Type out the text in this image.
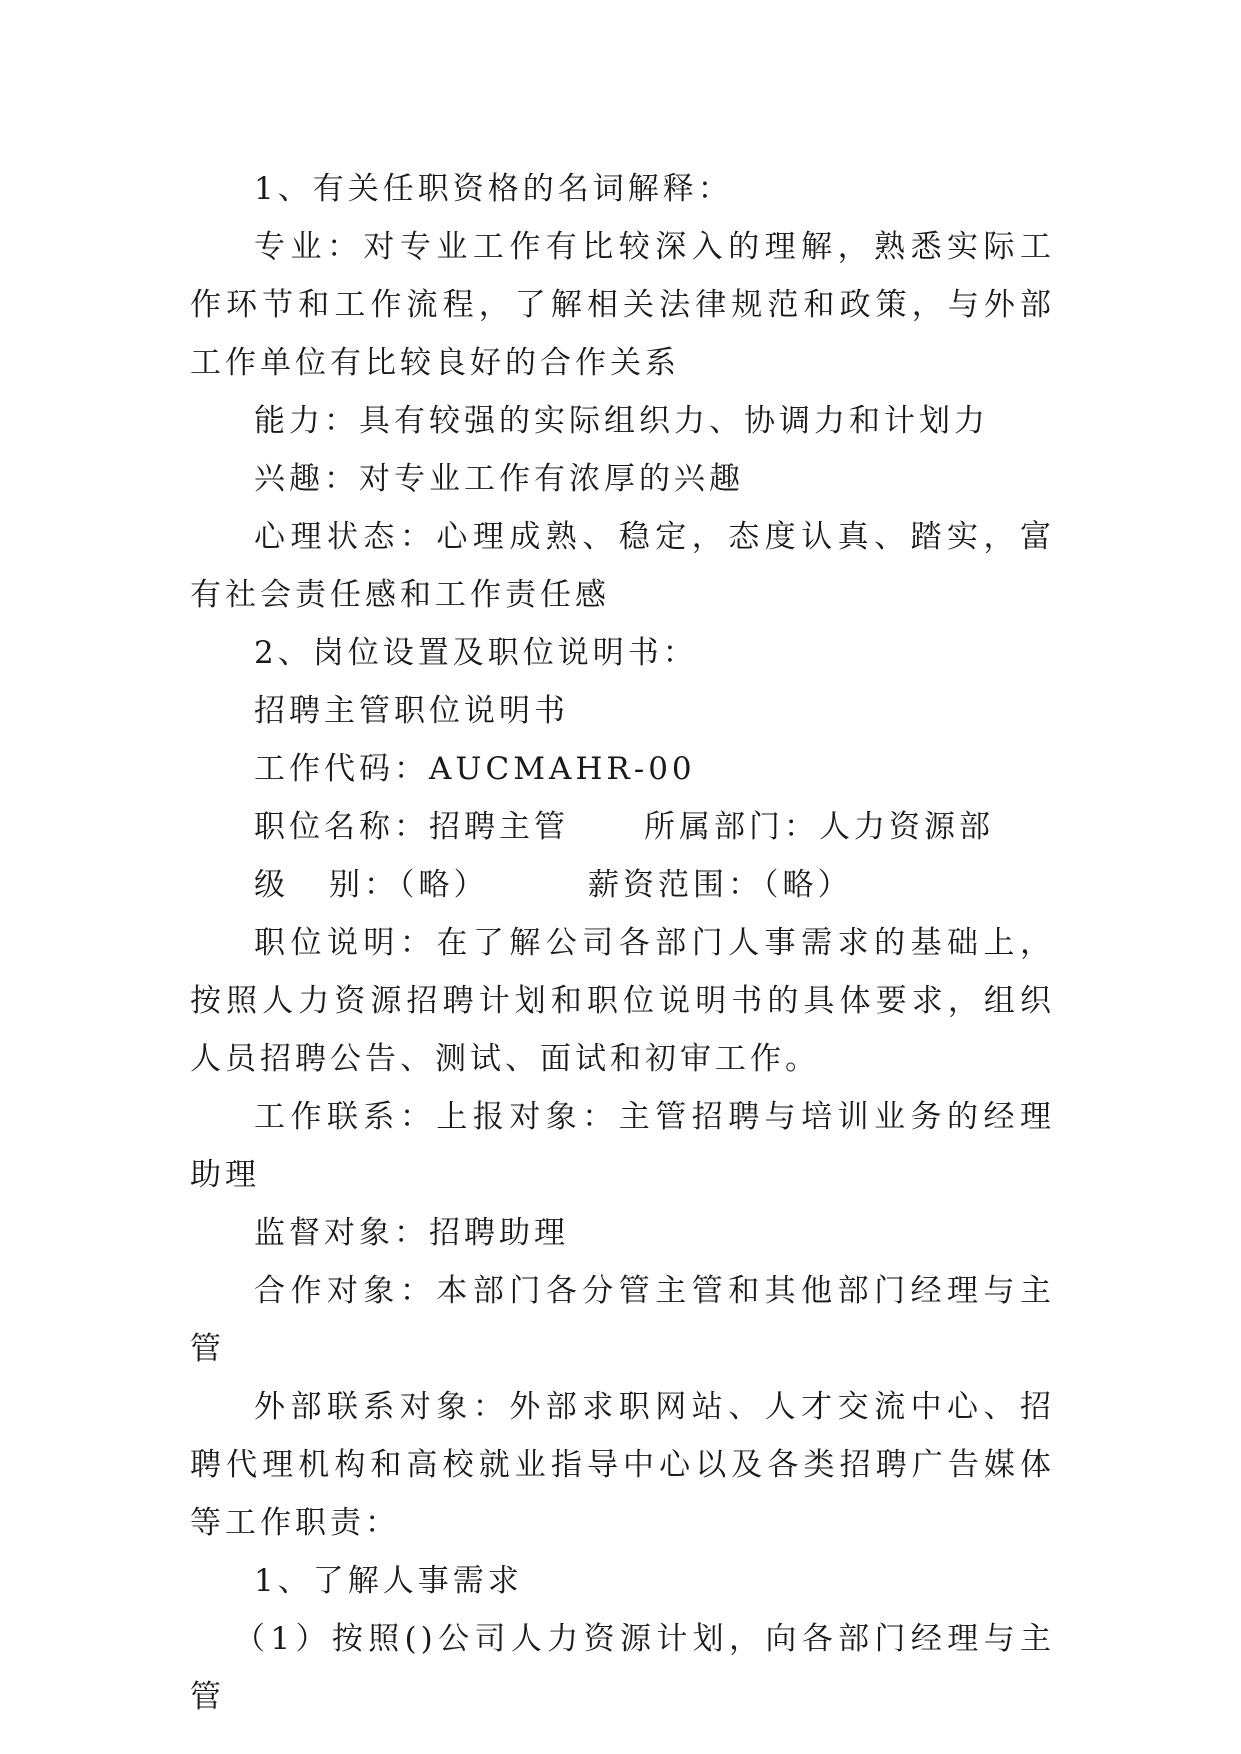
1、有关任职资格的名词解释：

专业：对专业工作有比较深入的理解，熟悉实际工作环节和工作流程，了解相关法律规范和政策，与外部工作单位有比较良好的合作关系

能力：具有较强的实际组织力、协调力和计划力

兴趣：对专业工作有浓厚的兴趣

心理状态：心理成熟、稳定，态度认真、踏实，富有社会责任感和工作责任感

2、岗位设置及职位说明书：

招聘主管职位说明书

工作代码：AUCMAHR-00

职位名称：招聘主管	所属部门：人力资源部
级 别：（略）	薪资范围：（略）

职位说明：在了解公司各部门人事需求的基础上，按照人力资源招聘计划和职位说明书的具体要求，组织人员招聘公告、测试、面试和初审工作。

工作联系：上报对象：主管招聘与培训业务的经理助理

监督对象：招聘助理

合作对象：本部门各分管主管和其他部门经理与主管

外部联系对象：外部求职网站、人才交流中心、招聘代理机构和高校就业指导中心以及各类招聘广告媒体等工作职责：

1、了解人事需求

（1）按照()公司人力资源计划，向各部门经理与主管
